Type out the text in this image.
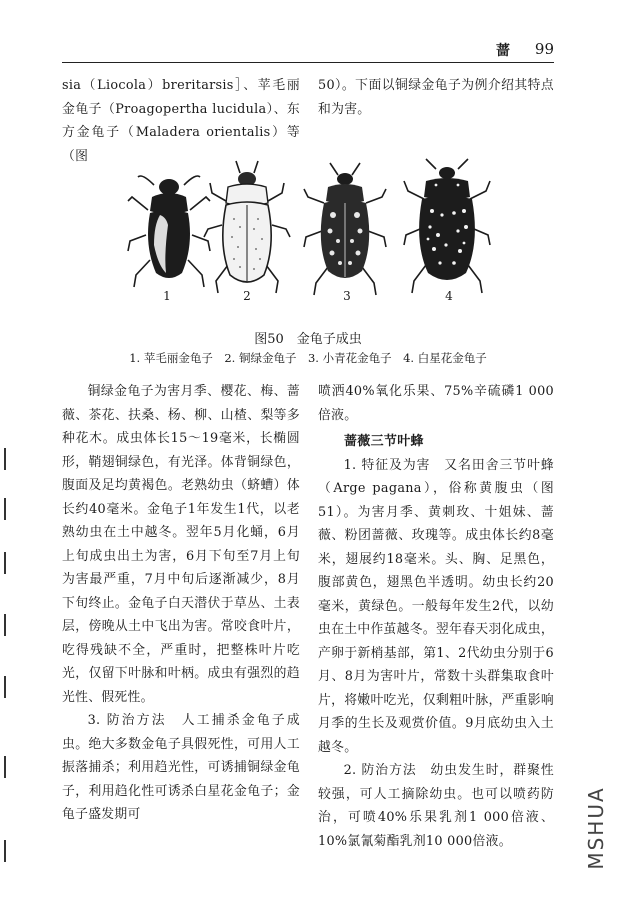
蔷 99

sia（Liocola）breritarsis］、苹毛丽金龟子（Proagopertha lucidula）、东方金龟子（Maladera orientalis）等（图

50）。下面以铜绿金龟子为例介绍其特点和为害。

1	2	3	4
图50　金龟子成虫
1. 苹毛丽金龟子　2. 铜绿金龟子　3. 小青花金龟子　4. 白星花金龟子

铜绿金龟子为害月季、樱花、梅、蔷薇、茶花、扶桑、杨、柳、山楂、梨等多种花木。成虫体长15～19毫米，长椭圆形，鞘翅铜绿色，有光泽。体背铜绿色，腹面及足均黄褐色。老熟幼虫（蛴螬）体长约40毫米。金龟子1年发生1代，以老熟幼虫在土中越冬。翌年5月化蛹，6月上旬成虫出土为害，6月下旬至7月上旬为害最严重，7月中旬后逐渐减少，8月下旬终止。金龟子白天潜伏于草丛、土表层，傍晚从土中飞出为害。常咬食叶片，吃得残缺不全，严重时，把整株叶片吃光，仅留下叶脉和叶柄。成虫有强烈的趋光性、假死性。

3. 防治方法　人工捕杀金龟子成虫。绝大多数金龟子具假死性，可用人工振落捕杀；利用趋光性，可诱捕铜绿金龟子，利用趋化性可诱杀白星花金龟子；金龟子盛发期可

喷洒40%氧化乐果、75%辛硫磷1 000倍液。

蔷薇三节叶蜂

1. 特征及为害　又名田舍三节叶蜂（Arge pagana），俗称黄腹虫（图51）。为害月季、黄刺玫、十姐妹、蔷薇、粉团蔷薇、玫瑰等。成虫体长约8毫米，翅展约18毫米。头、胸、足黑色，腹部黄色，翅黑色半透明。幼虫长约20毫米，黄绿色。一般每年发生2代，以幼虫在土中作茧越冬。翌年春天羽化成虫，产卵于新梢基部，第1、2代幼虫分别于6月、8月为害叶片，常数十头群集取食叶片，将嫩叶吃光，仅剩粗叶脉，严重影响月季的生长及观赏价值。9月底幼虫入土越冬。

2. 防治方法　幼虫发生时，群聚性较强，可人工摘除幼虫。也可以喷药防治，可喷40%乐果乳剂1 000倍液、10%氯氰菊酯乳剂10 000倍液。	MSHUA
